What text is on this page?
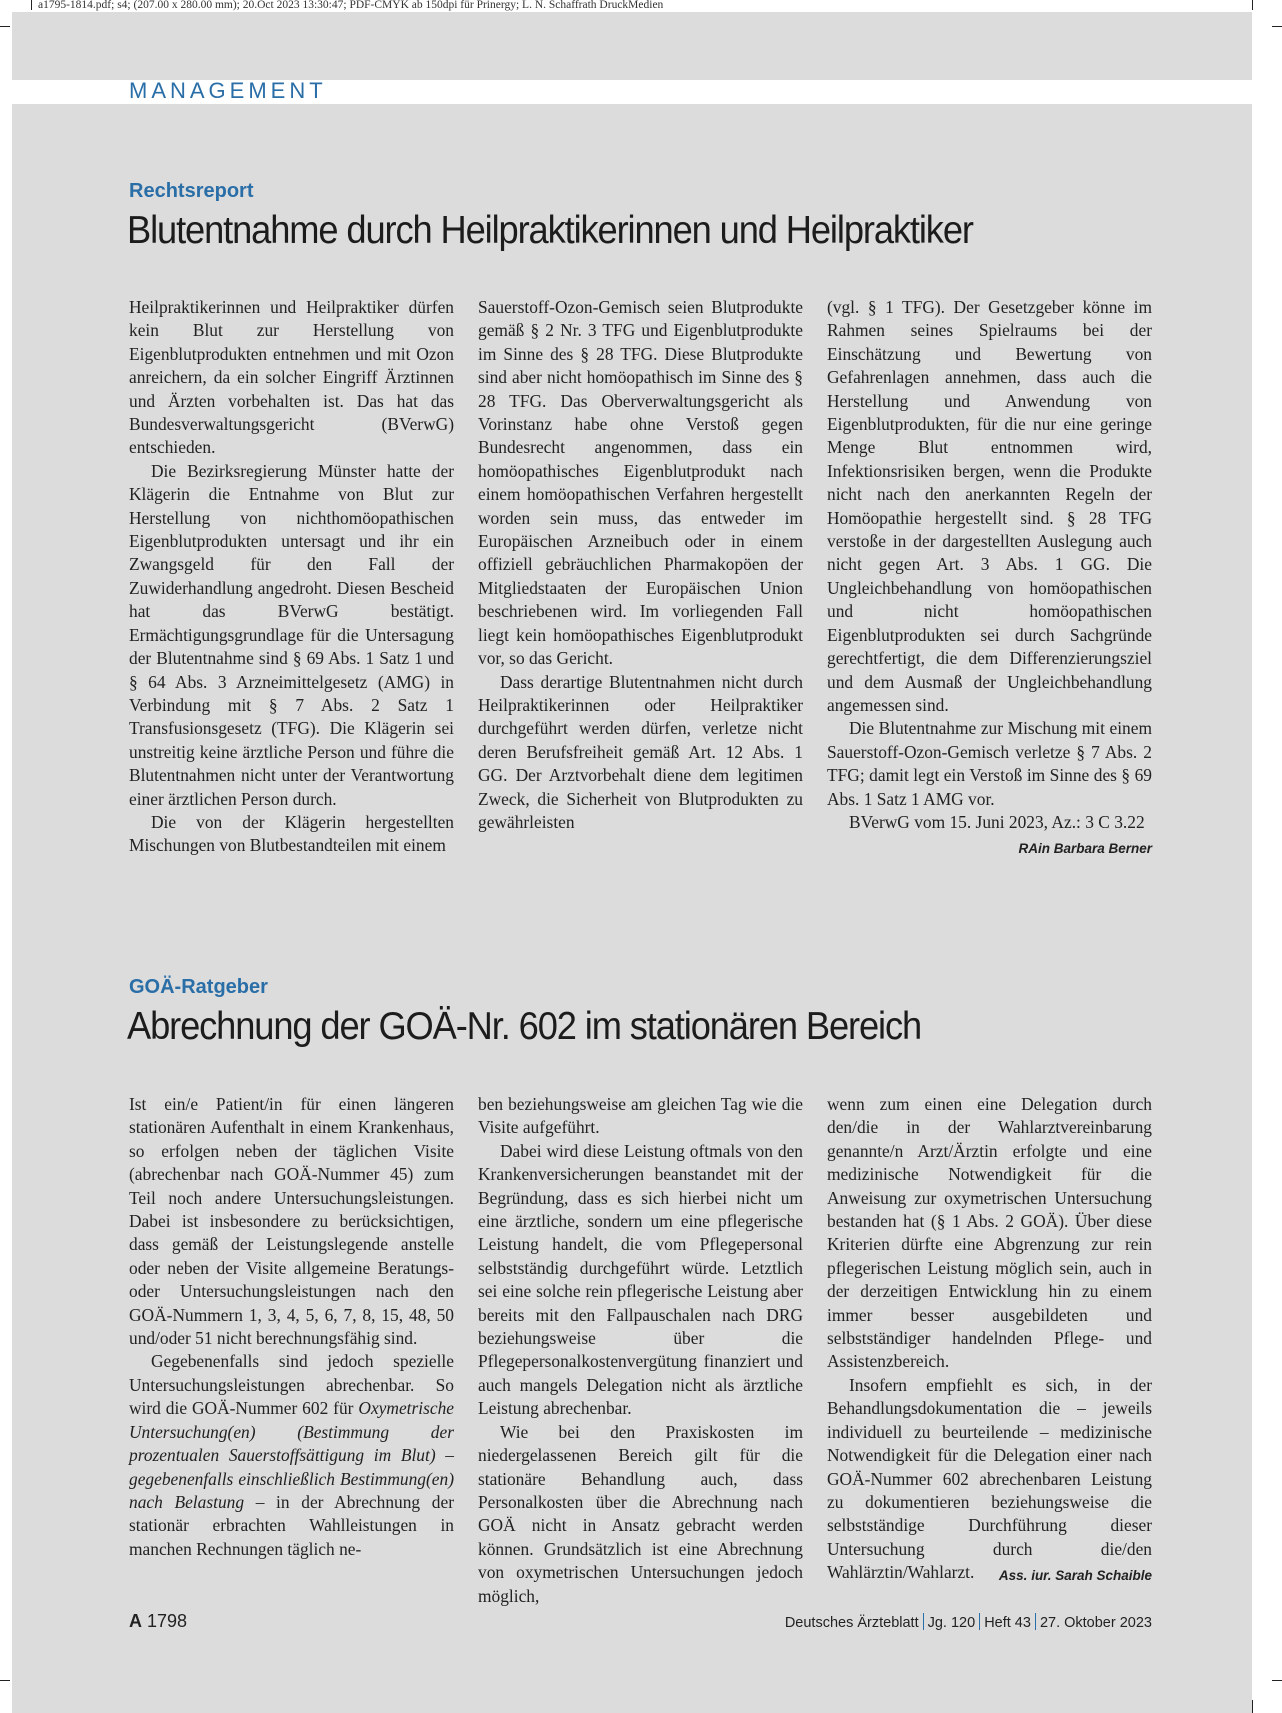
a1795-1814.pdf; s4; (207.00 x 280.00 mm); 20.Oct 2023 13:30:47; PDF-CMYK ab 150dpi für Prinergy; L. N. Schaffrath DruckMedien
MANAGEMENT
Rechtsreport
Blutentnahme durch Heilpraktikerinnen und Heilpraktiker

Heilpraktikerinnen und Heilpraktiker dürfen kein Blut zur Herstellung von Eigenblutprodukten entnehmen und mit Ozon anreichern, da ein solcher Eingriff Ärztinnen und Ärzten vorbehalten ist. Das hat das Bundesverwaltungsgericht (BVerwG) entschieden.

Die Bezirksregierung Münster hatte der Klägerin die Entnahme von Blut zur Herstellung von nichthomöopathischen Eigenblutprodukten untersagt und ihr ein Zwangsgeld für den Fall der Zuwiderhandlung angedroht. Diesen Bescheid hat das BVerwG bestätigt. Ermächtigungsgrundlage für die Untersagung der Blutentnahme sind § 69 Abs. 1 Satz 1 und § 64 Abs. 3 Arzneimittelgesetz (AMG) in Verbindung mit § 7 Abs. 2 Satz 1 Transfusionsgesetz (TFG). Die Klägerin sei unstreitig keine ärztliche Person und führe die Blutentnahmen nicht unter der Verantwortung einer ärztlichen Person durch.

Die von der Klägerin hergestellten Mischungen von Blutbestandteilen mit einem

Sauerstoff-Ozon-Gemisch seien Blutprodukte gemäß § 2 Nr. 3 TFG und Eigenblutprodukte im Sinne des § 28 TFG. Diese Blutprodukte sind aber nicht homöopathisch im Sinne des § 28 TFG. Das Oberverwaltungsgericht als Vorinstanz habe ohne Verstoß gegen Bundesrecht angenommen, dass ein homöopathisches Eigenblutprodukt nach einem homöopathischen Verfahren hergestellt worden sein muss, das entweder im Europäischen Arzneibuch oder in einem offiziell gebräuchlichen Pharmakopöen der Mitgliedstaaten der Europäischen Union beschriebenen wird. Im vorliegenden Fall liegt kein homöopathisches Eigenblutprodukt vor, so das Gericht.

Dass derartige Blutentnahmen nicht durch Heilpraktikerinnen oder Heilpraktiker durchgeführt werden dürfen, verletze nicht deren Berufsfreiheit gemäß Art. 12 Abs. 1 GG. Der Arztvorbehalt diene dem legitimen Zweck, die Sicherheit von Blutprodukten zu gewährleisten

(vgl. § 1 TFG). Der Gesetzgeber könne im Rahmen seines Spielraums bei der Einschätzung und Bewertung von Gefahrenlagen annehmen, dass auch die Herstellung und Anwendung von Eigenblutprodukten, für die nur eine geringe Menge Blut entnommen wird, Infektionsrisiken bergen, wenn die Produkte nicht nach den anerkannten Regeln der Homöopathie hergestellt sind. § 28 TFG verstoße in der dargestellten Auslegung auch nicht gegen Art. 3 Abs. 1 GG. Die Ungleichbehandlung von homöopathischen und nicht homöopathischen Eigenblutprodukten sei durch Sachgründe gerechtfertigt, die dem Differenzierungsziel und dem Ausmaß der Ungleichbehandlung angemessen sind.

Die Blutentnahme zur Mischung mit einem Sauerstoff-Ozon-Gemisch verletze § 7 Abs. 2 TFG; damit legt ein Verstoß im Sinne des § 69 Abs. 1 Satz 1 AMG vor.

BVerwG vom 15. Juni 2023, Az.: 3 C 3.22
RAin Barbara Berner

GOÄ-Ratgeber
Abrechnung der GOÄ-Nr. 602 im stationären Bereich

Ist ein/e Patient/in für einen längeren stationären Aufenthalt in einem Krankenhaus, so erfolgen neben der täglichen Visite (abrechenbar nach GOÄ-Nummer 45) zum Teil noch andere Untersuchungsleistungen. Dabei ist insbesondere zu berücksichtigen, dass gemäß der Leistungslegende anstelle oder neben der Visite allgemeine Beratungs- oder Untersuchungsleistungen nach den GOÄ-Nummern 1, 3, 4, 5, 6, 7, 8, 15, 48, 50 und/oder 51 nicht berechnungsfähig sind.

Gegebenenfalls sind jedoch spezielle Untersuchungsleistungen abrechenbar. So wird die GOÄ-Nummer 602 für Oxymetrische Untersuchung(en) (Bestimmung der prozentualen Sauerstoffsättigung im Blut) – gegebenenfalls einschließlich Bestimmung(en) nach Belastung – in der Abrechnung der stationär erbrachten Wahlleistungen in manchen Rechnungen täglich ne-

ben beziehungsweise am gleichen Tag wie die Visite aufgeführt.

Dabei wird diese Leistung oftmals von den Krankenversicherungen beanstandet mit der Begründung, dass es sich hierbei nicht um eine ärztliche, sondern um eine pflegerische Leistung handelt, die vom Pflegepersonal selbstständig durchgeführt würde. Letztlich sei eine solche rein pflegerische Leistung aber bereits mit den Fallpauschalen nach DRG beziehungsweise über die Pflegepersonalkostenvergütung finanziert und auch mangels Delegation nicht als ärztliche Leistung abrechenbar.

Wie bei den Praxiskosten im niedergelassenen Bereich gilt für die stationäre Behandlung auch, dass Personalkosten über die Abrechnung nach GOÄ nicht in Ansatz gebracht werden können. Grundsätzlich ist eine Abrechnung von oxymetrischen Untersuchungen jedoch möglich,

wenn zum einen eine Delegation durch den/die in der Wahlarztvereinbarung genannte/n Arzt/Ärztin erfolgte und eine medizinische Notwendigkeit für die Anweisung zur oxymetrischen Untersuchung bestanden hat (§ 1 Abs. 2 GOÄ). Über diese Kriterien dürfte eine Abgrenzung zur rein pflegerischen Leistung möglich sein, auch in der derzeitigen Entwicklung hin zu einem immer besser ausgebildeten und selbstständiger handelnden Pflege- und Assistenzbereich.

Insofern empfiehlt es sich, in der Behandlungsdokumentation die – jeweils individuell zu beurteilende – medizinische Notwendigkeit für die Delegation einer nach GOÄ-Nummer 602 abrechenbaren Leistung zu dokumentieren beziehungsweise die selbstständige Durchführung dieser Untersuchung durch die/den Wahlärztin/Wahlarzt.	Ass. iur. Sarah Schaible

A 1798	Deutsches Ärzteblatt Jg. 120 Heft 43 27. Oktober 2023
